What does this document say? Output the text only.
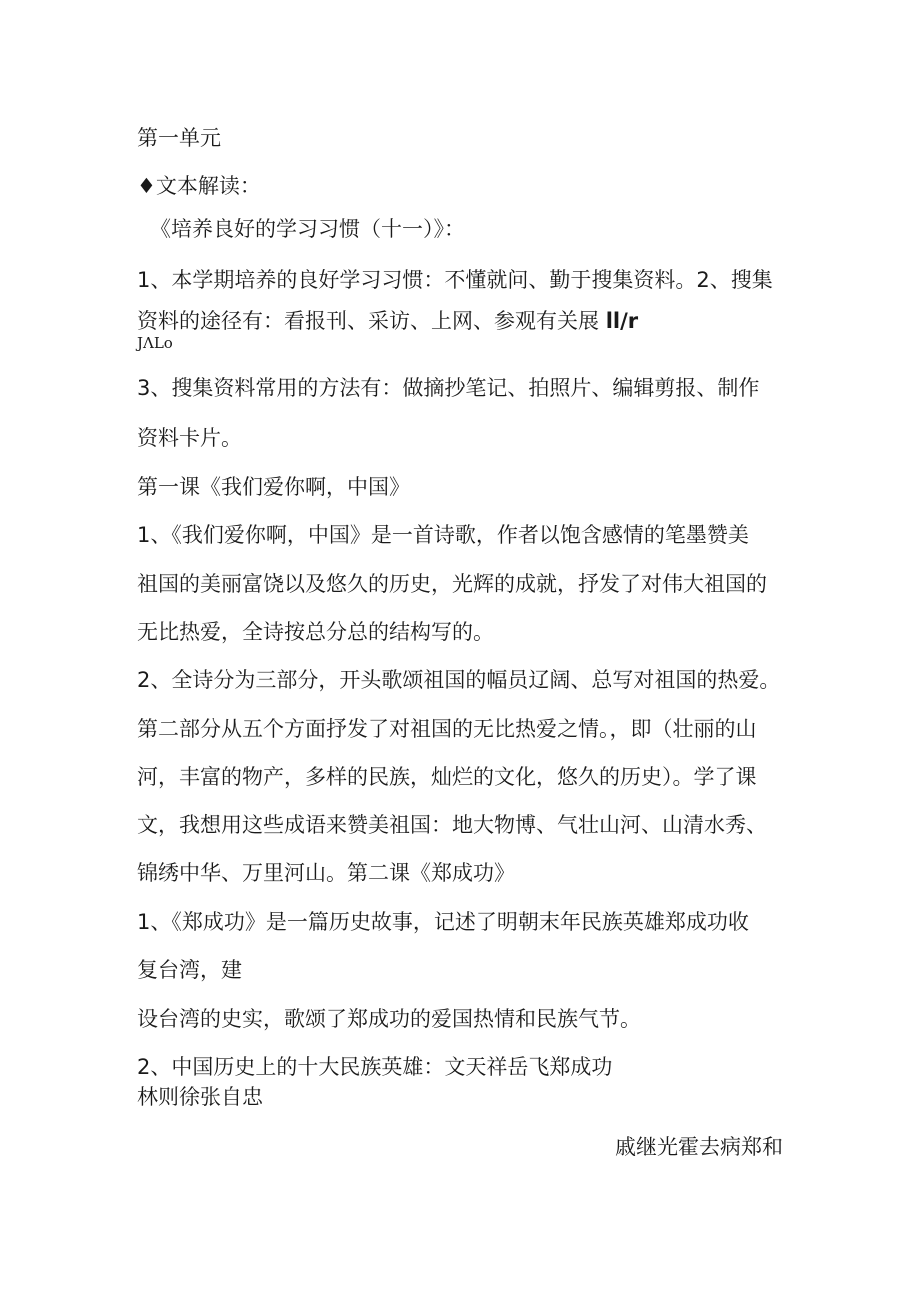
第一单元
♦文本解读：
《培养良好的学习习惯（十一）》：
1、本学期培养的良好学习习惯：不懂就问、勤于搜集资料。2、搜集
资料的途径有：看报刊、采访、上网、参观有关展 ll/r
JΛLo
3、搜集资料常用的方法有：做摘抄笔记、拍照片、编辑剪报、制作
资料卡片。
第一课《我们爱你啊，中国》
1、《我们爱你啊，中国》是一首诗歌，作者以饱含感情的笔墨赞美
祖国的美丽富饶以及悠久的历史，光辉的成就，抒发了对伟大祖国的
无比热爱，全诗按总分总的结构写的。
2、全诗分为三部分，开头歌颂祖国的幅员辽阔、总写对祖国的热爱。
第二部分从五个方面抒发了对祖国的无比热爱之情。，即（壮丽的山
河，丰富的物产，多样的民族，灿烂的文化，悠久的历史）。学了课
文，我想用这些成语来赞美祖国：地大物博、气壮山河、山清水秀、
锦绣中华、万里河山。第二课《郑成功》
1、《郑成功》是一篇历史故事，记述了明朝末年民族英雄郑成功收
复台湾，建
设台湾的史实，歌颂了郑成功的爱国热情和民族气节。
2、中国历史上的十大民族英雄：文天祥岳飞郑成功
林则徐张自忠
戚继光霍去病郑和
